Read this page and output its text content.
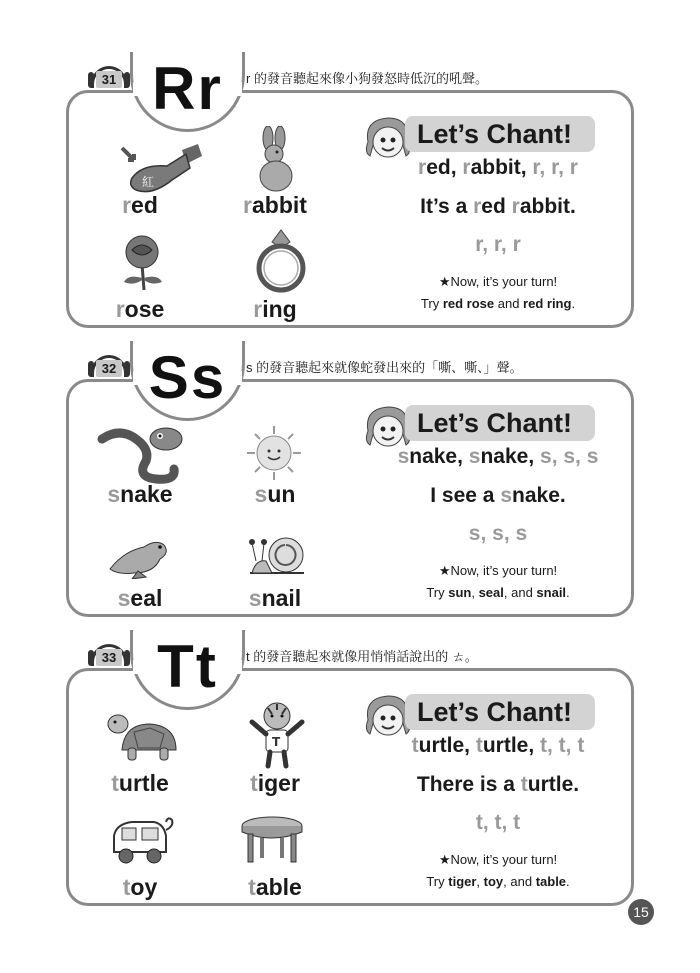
31 Rr	r 的發音聽起來像小狗發怒時低沉的吼聲。
紅
red	rabbit
rose	ring
Let’s Chant!
red, rabbit, r, r, r
It’s a red rabbit.
r, r, r
★Now, it’s your turn!
Try red rose and red ring.
32 Ss	s 的發音聽起來就像蛇發出來的「嘶、嘶、」聲。
snake	sun
seal	snail
Let’s Chant!
snake, snake, s, s, s
I see a snake.
s, s, s
★Now, it’s your turn!
Try sun, seal, and snail.
33 Tt	t 的發音聽起來就像用悄悄話說出的 ㄊ。
turtle
T
tiger
toy	table
Let’s Chant!
turtle, turtle, t, t, t
There is a turtle.
t, t, t
★Now, it’s your turn!
Try tiger, toy, and table.
15
